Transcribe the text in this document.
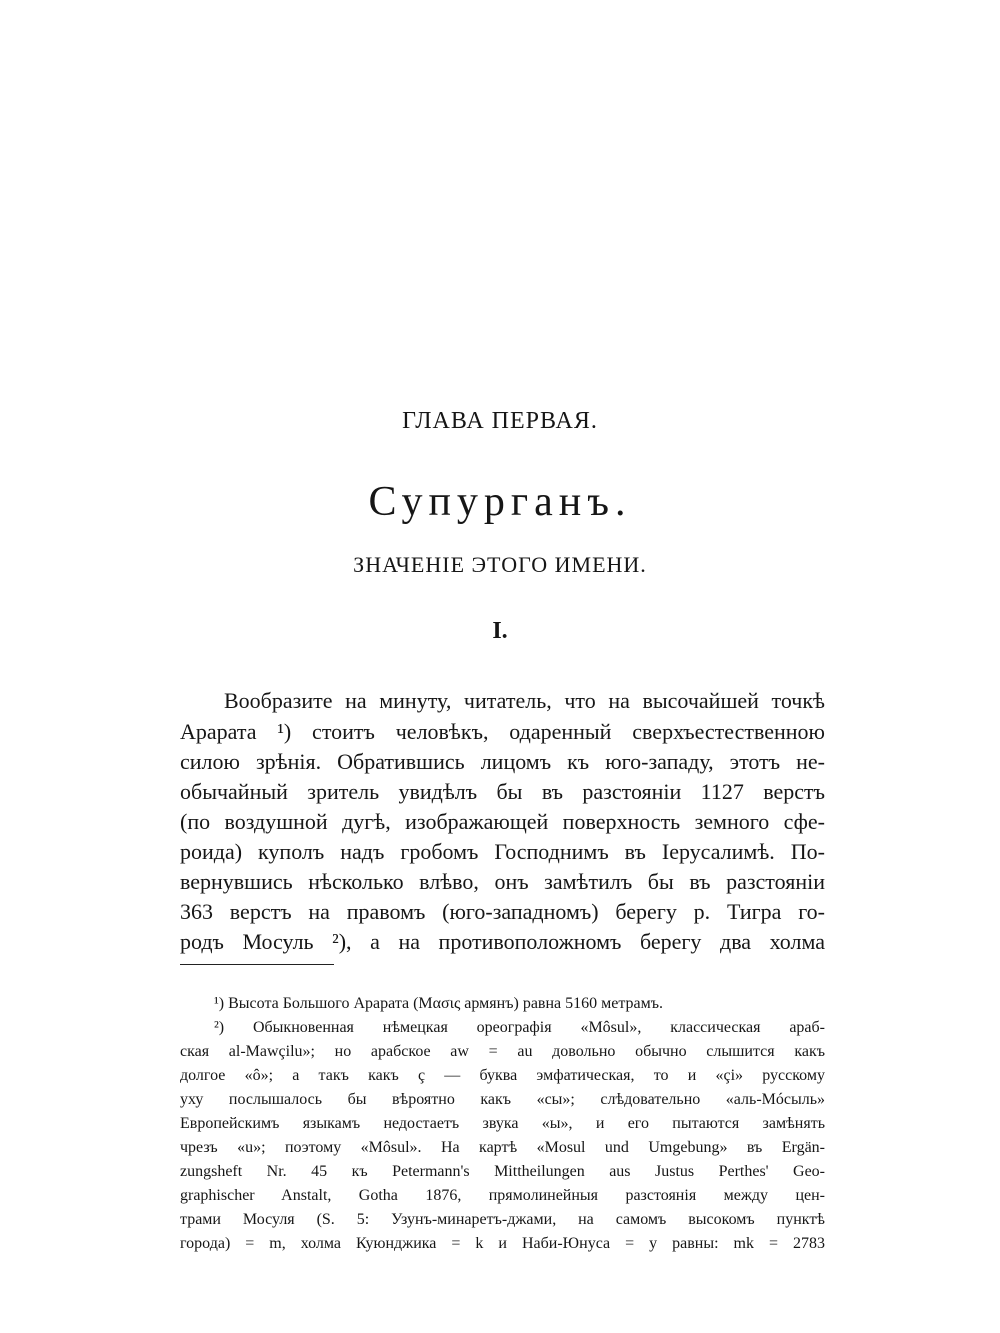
ГЛАВА ПЕРВАЯ.
Супурганъ.
ЗНАЧЕНІЕ ЭТОГО ИМЕНИ.
I.
Вообразите на минуту, читатель, что на высочайшей точкѣ
Арарата ¹) стоитъ человѣкъ, одаренный сверхъестественною
силою зрѣнія. Обратившись лицомъ къ юго-западу, этотъ не-
обычайный зритель увидѣлъ бы въ разстояніи 1127 верстъ
(по воздушной дугѣ, изображающей поверхность земного сфе-
роида) куполъ надъ гробомъ Господнимъ въ Іерусалимѣ. По-
вернувшись нѣсколько влѣво, онъ замѣтилъ бы въ разстояніи
363 верстъ на правомъ (юго-западномъ) берегу р. Тигра го-
родъ Мосуль ²), а на противоположномъ берегу два холма
¹) Высота Большого Арарата (Μασις армянъ) равна 5160 метрамъ.
²) Обыкновенная нѣмецкая ореографія «Môsul», классическая араб-
ская al-Mawçilu»; но арабское aw = au довольно обычно слышится какъ
долгое «ô»; а такъ какъ ç — буква эмфатическая, то и «çi» русскому
уху послышалось бы вѣроятно какъ «сы»; слѣдовательно «аль-Мóсыль»
Европейскимъ языкамъ недостаетъ звука «ы», и его пытаются замѣнять
чрезъ «u»; поэтому «Môsul». На картѣ «Mosul und Umgebung» въ Ergän-
zungsheft Nr. 45 къ Petermann's Mittheilungen aus Justus Perthes' Geo-
graphischer Anstalt, Gotha 1876, прямолинейныя разстоянія между цен-
трами Мосуля (S. 5: Узунъ-минаретъ-джами, на самомъ высокомъ пунктѣ
города) = m, холма Куюнджика = k и Наби-Юнуса = y равны: mk = 2783
